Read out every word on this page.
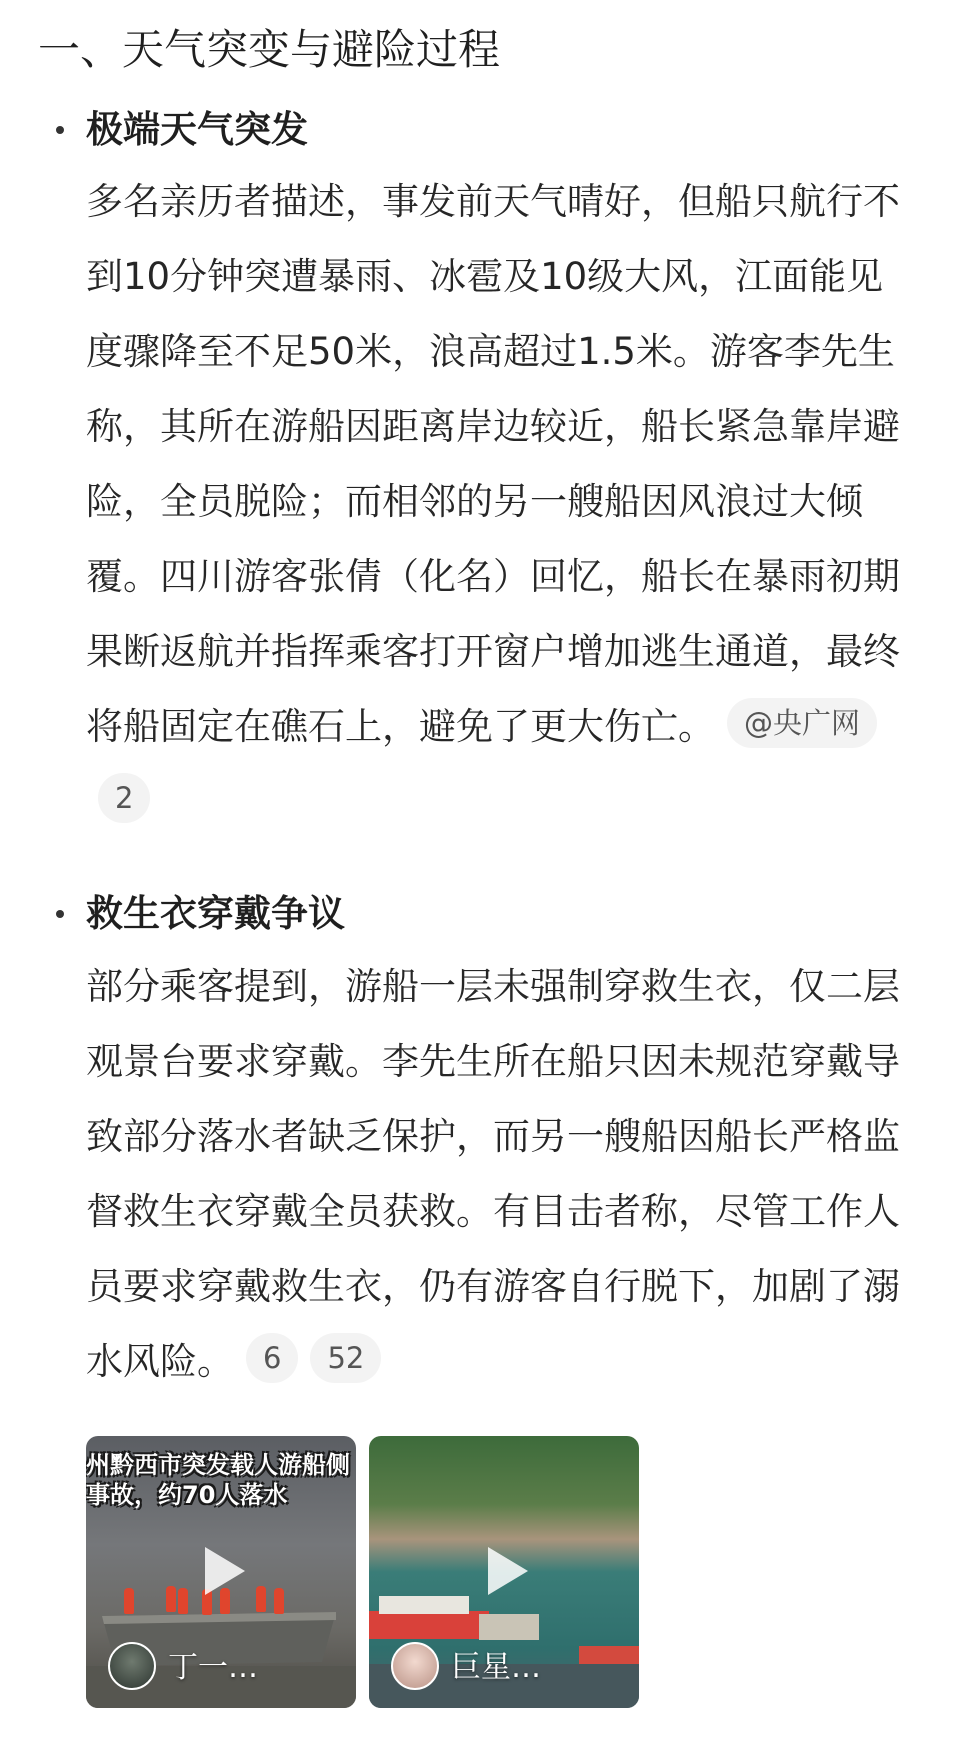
一、天气突变与避险过程
极端天气突发

多名亲历者描述，事发前天气晴好，但船只航行不到10分钟突遭暴雨、冰雹及10级大风，江面能见度骤降至不足50米，浪高超过1.5米。游客李先生称，其所在游船因距离岸边较近，船长紧急靠岸避险，全员脱险；而相邻的另一艘船因风浪过大倾覆。四川游客张倩（化名）回忆，船长在暴雨初期果断返航并指挥乘客打开窗户增加逃生通道，最终将船固定在礁石上，避免了更大伤亡。 @央广网2

救生衣穿戴争议

部分乘客提到，游船一层未强制穿救生衣，仅二层观景台要求穿戴。李先生所在船只因未规范穿戴导致部分落水者缺乏保护，而另一艘船因船长严格监督救生衣穿戴全员获救。有目击者称，尽管工作人员要求穿戴救生衣，仍有游客自行脱下，加剧了溺水风险。 6 52

州黔西市突发载人游船侧
事故，约70人落水
丁一…	巨星…
